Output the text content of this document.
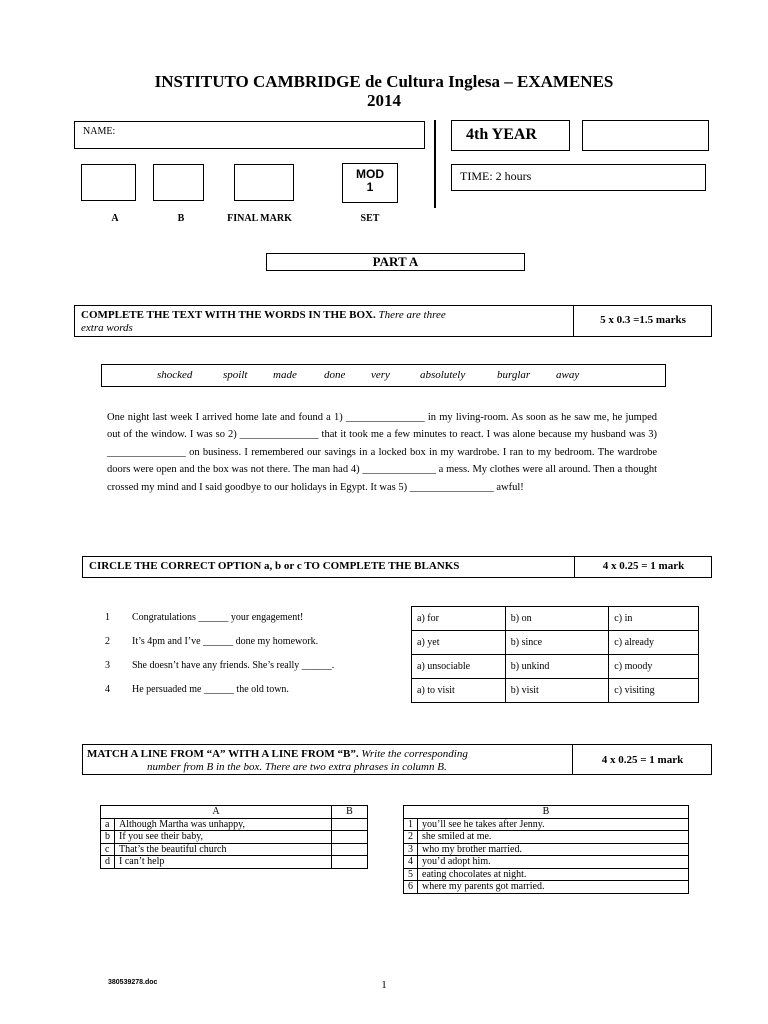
INSTITUTO CAMBRIDGE de Cultura Inglesa – EXAMENES
2014
NAME:	4th YEAR
MOD
1
TIME: 2 hours
A	B	FINAL MARK	SET
PART A
COMPLETE THE TEXT WITH THE WORDS IN THE BOX. There are three
extra words
5 x 0.3 =1.5 marks
shocked	spoilt made done very	absolutely	burglar away
One night last week I arrived home late and found a 1) _______________ in my living-room. As soon as he saw me, he jumped out of the window. I was so 2) _______________ that it took me a few minutes to react. I was alone because my husband was 3) _______________ on business. I remembered our savings in a locked box in my wardrobe. I ran to my bedroom. The wardrobe doors were open and the box was not there. The man had 4) ______________ a mess. My clothes were all around. Then a thought crossed my mind and I said goodbye to our holidays in Egypt. It was 5) ________________ awful!
CIRCLE THE CORRECT OPTION a, b or c TO COMPLETE THE BLANKS	4 x 0.25 = 1 mark
1 Congratulations ______ your engagement!
2 It’s 4pm and I’ve ______ done my homework.
3 She doesn’t have any friends. She’s really ______.
4 He persuaded me ______ the old town.
a) for	b) on	c) in
a) yet	b) since	c) already
a) unsociable	b) unkind	c) moody
a) to visit	b) visit	c) visiting
MATCH A LINE FROM “A” WITH A LINE FROM “B”. Write the corresponding
number from B in the box. There are two extra phrases in column B.
4 x 0.25 = 1 mark
A		B
a	Although Martha was unhappy,	
b	If you see their baby,	
c	That’s the beautiful church	
d	I can’t help	
B	
1	you’ll see he takes after Jenny.
2	she smiled at me.
3	who my brother married.
4	you’d adopt him.
5	eating chocolates at night.
6	where my parents got married.
380539278.doc	1
